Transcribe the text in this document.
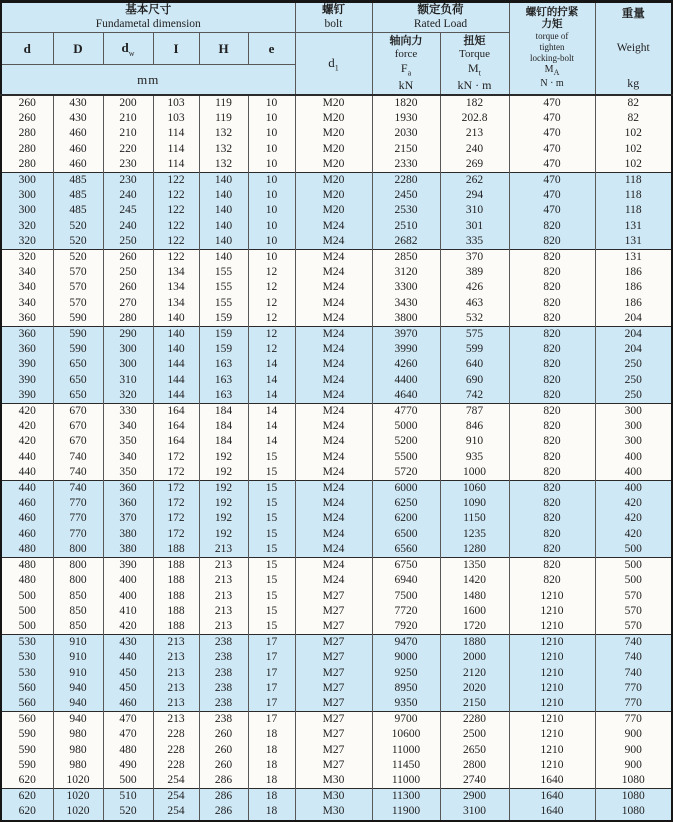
基本尺寸
Fundametal dimension

螺钉
bolt

额定负荷
Rated Load

螺钉的拧紧
力矩
torque of
tighten
locking-bolt
$M_A$
N · m

重量
Weight
kg

d	D	$d_w$	I	H	e	$d_1$	
轴向力
force
$F_a$
kN

扭矩
Torque
$M_t$
kN · m

mm										
260	430	200	103	119	10	M20	1820	182	470	82
260	430	210	103	119	10	M20	1930	202.8	470	82
280	460	210	114	132	10	M20	2030	213	470	102
280	460	220	114	132	10	M20	2150	240	470	102
280	460	230	114	132	10	M20	2330	269	470	102
300	485	230	122	140	10	M20	2280	262	470	118
300	485	240	122	140	10	M20	2450	294	470	118
300	485	245	122	140	10	M20	2530	310	470	118
320	520	240	122	140	10	M24	2510	301	820	131
320	520	250	122	140	10	M24	2682	335	820	131
320	520	260	122	140	10	M24	2850	370	820	131
340	570	250	134	155	12	M24	3120	389	820	186
340	570	260	134	155	12	M24	3300	426	820	186
340	570	270	134	155	12	M24	3430	463	820	186
360	590	280	140	159	12	M24	3800	532	820	204
360	590	290	140	159	12	M24	3970	575	820	204
360	590	300	140	159	12	M24	3990	599	820	204
390	650	300	144	163	14	M24	4260	640	820	250
390	650	310	144	163	14	M24	4400	690	820	250
390	650	320	144	163	14	M24	4640	742	820	250
420	670	330	164	184	14	M24	4770	787	820	300
420	670	340	164	184	14	M24	5000	846	820	300
420	670	350	164	184	14	M24	5200	910	820	300
440	740	340	172	192	15	M24	5500	935	820	400
440	740	350	172	192	15	M24	5720	1000	820	400
440	740	360	172	192	15	M24	6000	1060	820	400
460	770	360	172	192	15	M24	6250	1090	820	420
460	770	370	172	192	15	M24	6200	1150	820	420
460	770	380	172	192	15	M24	6500	1235	820	420
480	800	380	188	213	15	M24	6560	1280	820	500
480	800	390	188	213	15	M24	6750	1350	820	500
480	800	400	188	213	15	M24	6940	1420	820	500
500	850	400	188	213	15	M27	7500	1480	1210	570
500	850	410	188	213	15	M27	7720	1600	1210	570
500	850	420	188	213	15	M27	7920	1720	1210	570
530	910	430	213	238	17	M27	9470	1880	1210	740
530	910	440	213	238	17	M27	9000	2000	1210	740
530	910	450	213	238	17	M27	9250	2120	1210	740
560	940	450	213	238	17	M27	8950	2020	1210	770
560	940	460	213	238	17	M27	9350	2150	1210	770
560	940	470	213	238	17	M27	9700	2280	1210	770
590	980	470	228	260	18	M27	10600	2500	1210	900
590	980	480	228	260	18	M27	11000	2650	1210	900
590	980	490	228	260	18	M27	11450	2800	1210	900
620	1020	500	254	286	18	M30	11000	2740	1640	1080
620	1020	510	254	286	18	M30	11300	2900	1640	1080
620	1020	520	254	286	18	M30	11900	3100	1640	1080
